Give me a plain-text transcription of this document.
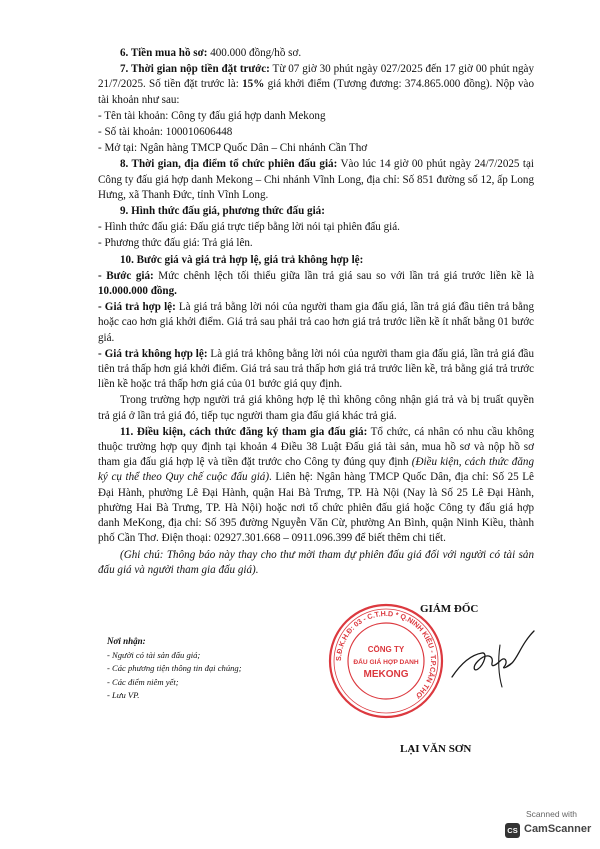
6. Tiền mua hồ sơ: 400.000 đồng/hồ sơ.

7. Thời gian nộp tiền đặt trước: Từ 07 giờ 30 phút ngày 027/2025 đến 17 giờ 00 phút ngày 21/7/2025. Số tiền đặt trước là: 15% giá khởi điểm (Tương đương: 374.865.000 đồng). Nộp vào tài khoản như sau:

- Tên tài khoản: Công ty đấu giá hợp danh Mekong

- Số tài khoản: 100010606448

- Mở tại: Ngân hàng TMCP Quốc Dân – Chi nhánh Cần Thơ

8. Thời gian, địa điểm tổ chức phiên đấu giá: Vào lúc 14 giờ 00 phút ngày 24/7/2025 tại Công ty đấu giá hợp danh Mekong – Chi nhánh Vĩnh Long, địa chỉ: Số 851 đường số 12, ấp Long Hưng, xã Thanh Đức, tỉnh Vĩnh Long.

9. Hình thức đấu giá, phương thức đấu giá:

- Hình thức đấu giá: Đấu giá trực tiếp bằng lời nói tại phiên đấu giá.

- Phương thức đấu giá: Trả giá lên.

10. Bước giá và giá trả hợp lệ, giá trả không hợp lệ:

- Bước giá: Mức chênh lệch tối thiểu giữa lần trả giá sau so với lần trả giá trước liền kề là 10.000.000 đồng.

- Giá trả hợp lệ: Là giá trả bằng lời nói của người tham gia đấu giá, lần trả giá đầu tiên trả bằng hoặc cao hơn giá khởi điểm. Giá trả sau phải trả cao hơn giá trả trước liền kề ít nhất bằng 01 bước giá.

- Giá trả không hợp lệ: Là giá trả không bằng lời nói của người tham gia đấu giá, lần trả giá đầu tiên trả thấp hơn giá khởi điểm. Giá trả sau trả thấp hơn giá trả trước liền kề, trả bằng giá trả trước liền kề hoặc trả thấp hơn giá của 01 bước giá quy định.

Trong trường hợp người trả giá không hợp lệ thì không công nhận giá trả và bị truất quyền trả giá ở lần trả giá đó, tiếp tục người tham gia đấu giá khác trả giá.

11. Điều kiện, cách thức đăng ký tham gia đấu giá: Tổ chức, cá nhân có nhu cầu không thuộc trường hợp quy định tại khoản 4 Điều 38 Luật Đấu giá tài sản, mua hồ sơ và nộp hồ sơ tham gia đấu giá hợp lệ và tiền đặt trước cho Công ty đúng quy định (Điều kiện, cách thức đăng ký cụ thể theo Quy chế cuộc đấu giá). Liên hệ: Ngân hàng TMCP Quốc Dân, địa chỉ: Số 25 Lê Đại Hành, phường Lê Đại Hành, quận Hai Bà Trưng, TP. Hà Nội (Nay là Số 25 Lê Đại Hành, phường Hai Bà Trưng, TP. Hà Nội) hoặc nơi tổ chức phiên đấu giá hoặc Công ty đấu giá hợp danh MeKong, địa chỉ: Số 395 đường Nguyễn Văn Cừ, phường An Bình, quận Ninh Kiều, thành phố Cần Thơ. Điện thoại: 02927.301.668 – 0911.096.399 để biết thêm chi tiết.

(Ghi chú: Thông báo này thay cho thư mời tham dự phiên đấu giá đối với người có tài sản đấu giá và người tham gia đấu giá).

Nơi nhận:
- Người có tài sản đấu giá;
- Các phương tiện thông tin đại chúng;
- Các điểm niêm yết;
- Lưu VP.
GIÁM ĐỐC
S.Đ.K.H.Đ: 03 - C.T.H.D * Q.NINH KIỀU - T.P.CẦN THƠ
CÔNG TY
ĐẤU GIÁ HỢP DANH
MEKONG
LẠI VĂN SƠN
Scanned with
CS CamScanner
